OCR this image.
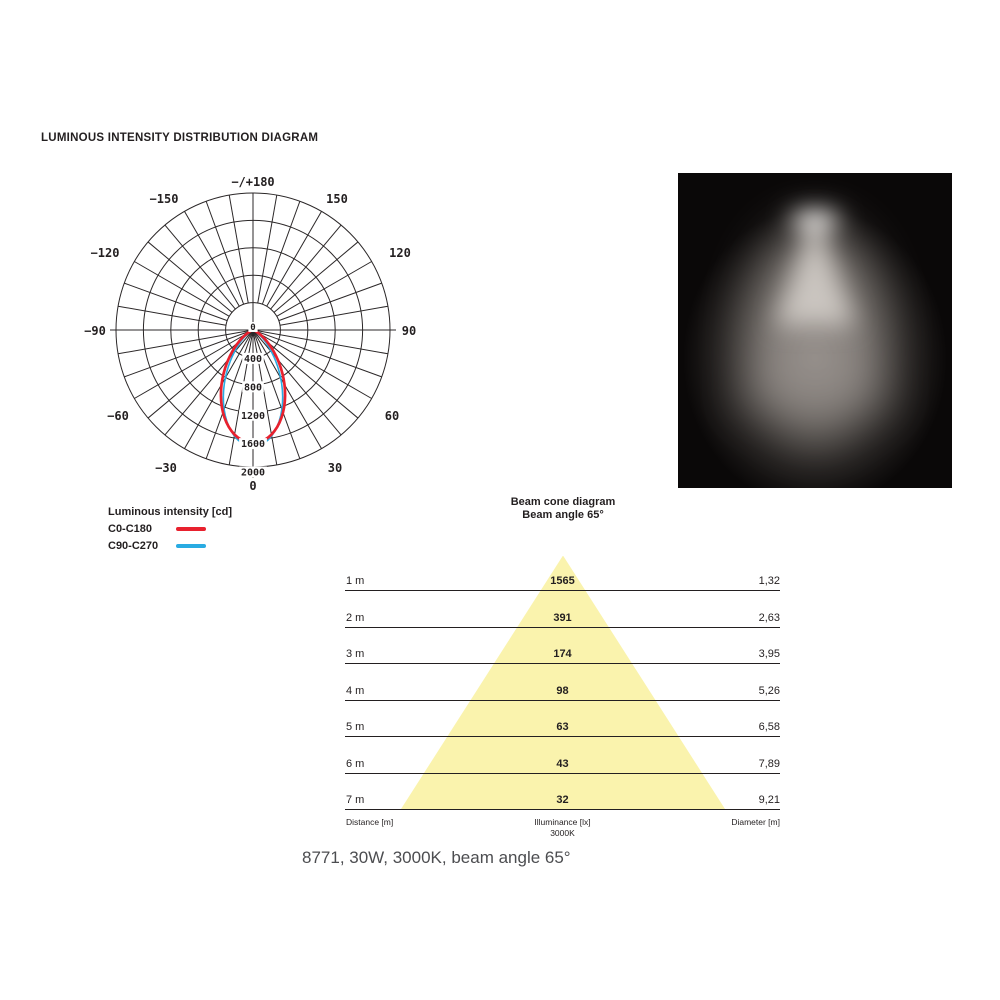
LUMINOUS INTENSITY DISTRIBUTION DIAGRAM
−/+180
−150	150
−120	120
−90	90
−60	60
−30	30
0
0
400
800
1200
1600
2000
Luminous intensity [cd]
C0-C180
C90-C270
Beam cone diagram
Beam angle 65°
Distance [m]	Illuminance [lx]
3000K
Diameter [m]
1 m	1565	1,32
2 m	391	2,63
3 m	174	3,95
4 m	98	5,26
5 m	63	6,58
6 m	43	7,89
7 m	32	9,21
8771, 30W, 3000K, beam angle 65°
